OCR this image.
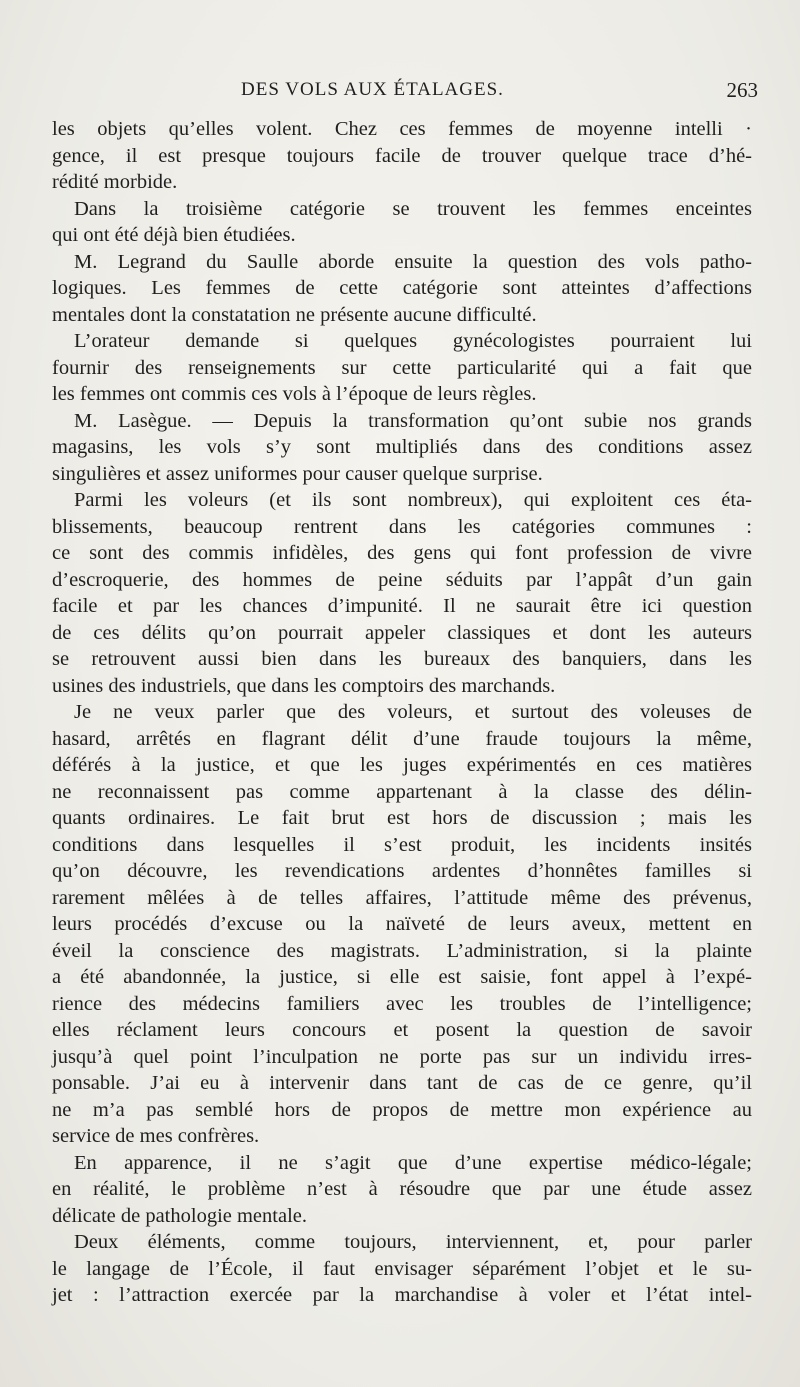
DES VOLS AUX ÉTALAGES.	263
les objets qu’elles volent. Chez ces femmes de moyenne intelli ·
gence, il est presque toujours facile de trouver quelque trace d’hé-
rédité morbide.
Dans la troisième catégorie se trouvent les femmes enceintes
qui ont été déjà bien étudiées.
M. Legrand du Saulle aborde ensuite la question des vols patho-
logiques. Les femmes de cette catégorie sont atteintes d’affections
mentales dont la constatation ne présente aucune difficulté.
L’orateur demande si quelques gynécologistes pourraient lui
fournir des renseignements sur cette particularité qui a fait que
les femmes ont commis ces vols à l’époque de leurs règles.
M. Lasègue. — Depuis la transformation qu’ont subie nos grands
magasins, les vols s’y sont multipliés dans des conditions assez
singulières et assez uniformes pour causer quelque surprise.
Parmi les voleurs (et ils sont nombreux), qui exploitent ces éta-
blissements, beaucoup rentrent dans les catégories communes :
ce sont des commis infidèles, des gens qui font profession de vivre
d’escroquerie, des hommes de peine séduits par l’appât d’un gain
facile et par les chances d’impunité. Il ne saurait être ici question
de ces délits qu’on pourrait appeler classiques et dont les auteurs
se retrouvent aussi bien dans les bureaux des banquiers, dans les
usines des industriels, que dans les comptoirs des marchands.
Je ne veux parler que des voleurs, et surtout des voleuses de
hasard, arrêtés en flagrant délit d’une fraude toujours la même,
déférés à la justice, et que les juges expérimentés en ces matières
ne reconnaissent pas comme appartenant à la classe des délin-
quants ordinaires. Le fait brut est hors de discussion ; mais les
conditions dans lesquelles il s’est produit, les incidents insités
qu’on découvre, les revendications ardentes d’honnêtes familles si
rarement mêlées à de telles affaires, l’attitude même des prévenus,
leurs procédés d’excuse ou la naïveté de leurs aveux, mettent en
éveil la conscience des magistrats. L’administration, si la plainte
a été abandonnée, la justice, si elle est saisie, font appel à l’expé-
rience des médecins familiers avec les troubles de l’intelligence;
elles réclament leurs concours et posent la question de savoir
jusqu’à quel point l’inculpation ne porte pas sur un individu irres-
ponsable. J’ai eu à intervenir dans tant de cas de ce genre, qu’il
ne m’a pas semblé hors de propos de mettre mon expérience au
service de mes confrères.
En apparence, il ne s’agit que d’une expertise médico-légale;
en réalité, le problème n’est à résoudre que par une étude assez
délicate de pathologie mentale.
Deux éléments, comme toujours, interviennent, et, pour parler
le langage de l’École, il faut envisager séparément l’objet et le su-
jet : l’attraction exercée par la marchandise à voler et l’état intel-
